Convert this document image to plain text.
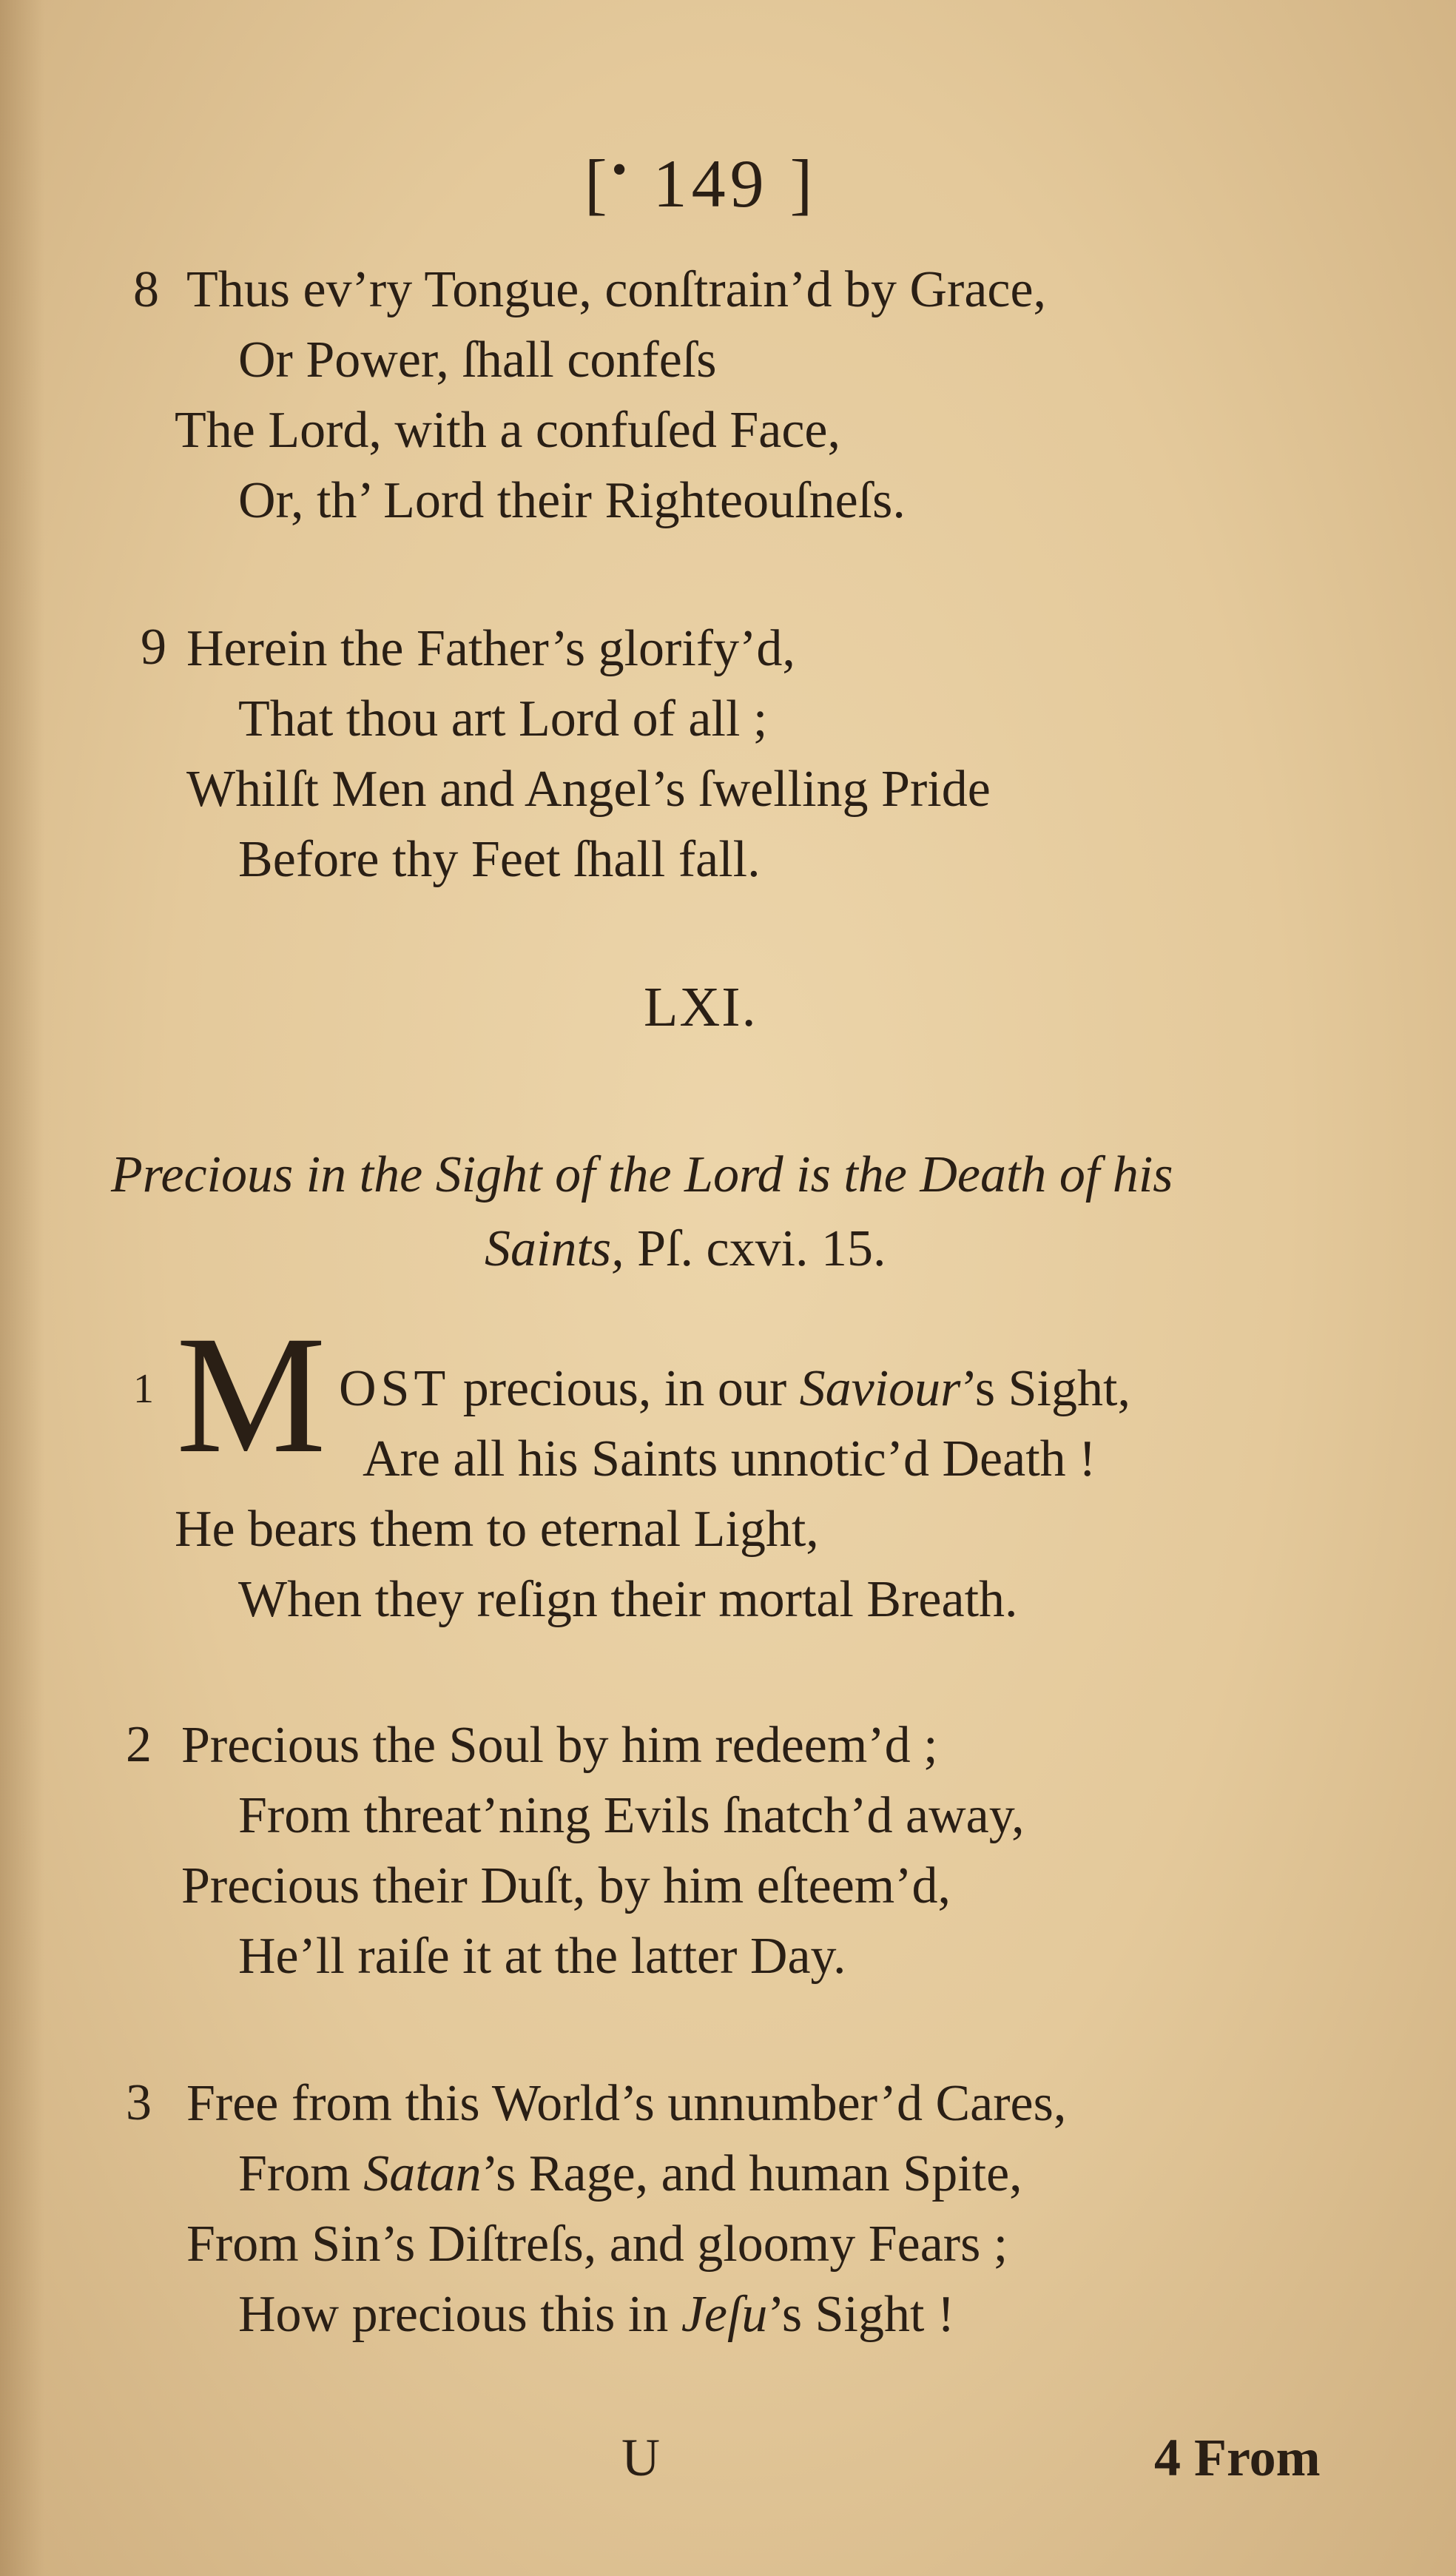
[• 149 ]
8 Thus ev’ry Tongue, conſtrain’d by Grace,
Or Power, ſhall confeſs
The Lord, with a confuſed Face,
Or, th’ Lord their Righteouſneſs.
9 Herein the Father’s glorify’d,
That thou art Lord of all ;
Whilſt Men and Angel’s ſwelling Pride
Before thy Feet ſhall fall.
LXI.
Precious in the Sight of the Lord is the Death of his
Saints, Pſ. cxvi. 15.
1 M OST precious, in our Saviour’s Sight,
Are all his Saints unnotic’d Death !
He bears them to eternal Light,
When they reſign their mortal Breath.
2 Precious the Soul by him redeem’d ;
From threat’ning Evils ſnatch’d away,
Precious their Duſt, by him eſteem’d,
He’ll raiſe it at the latter Day.
3 Free from this World’s unnumber’d Cares,
From Satan’s Rage, and human Spite,
From Sin’s Diſtreſs, and gloomy Fears ;
How precious this in Jeſu’s Sight !
U	4 From
